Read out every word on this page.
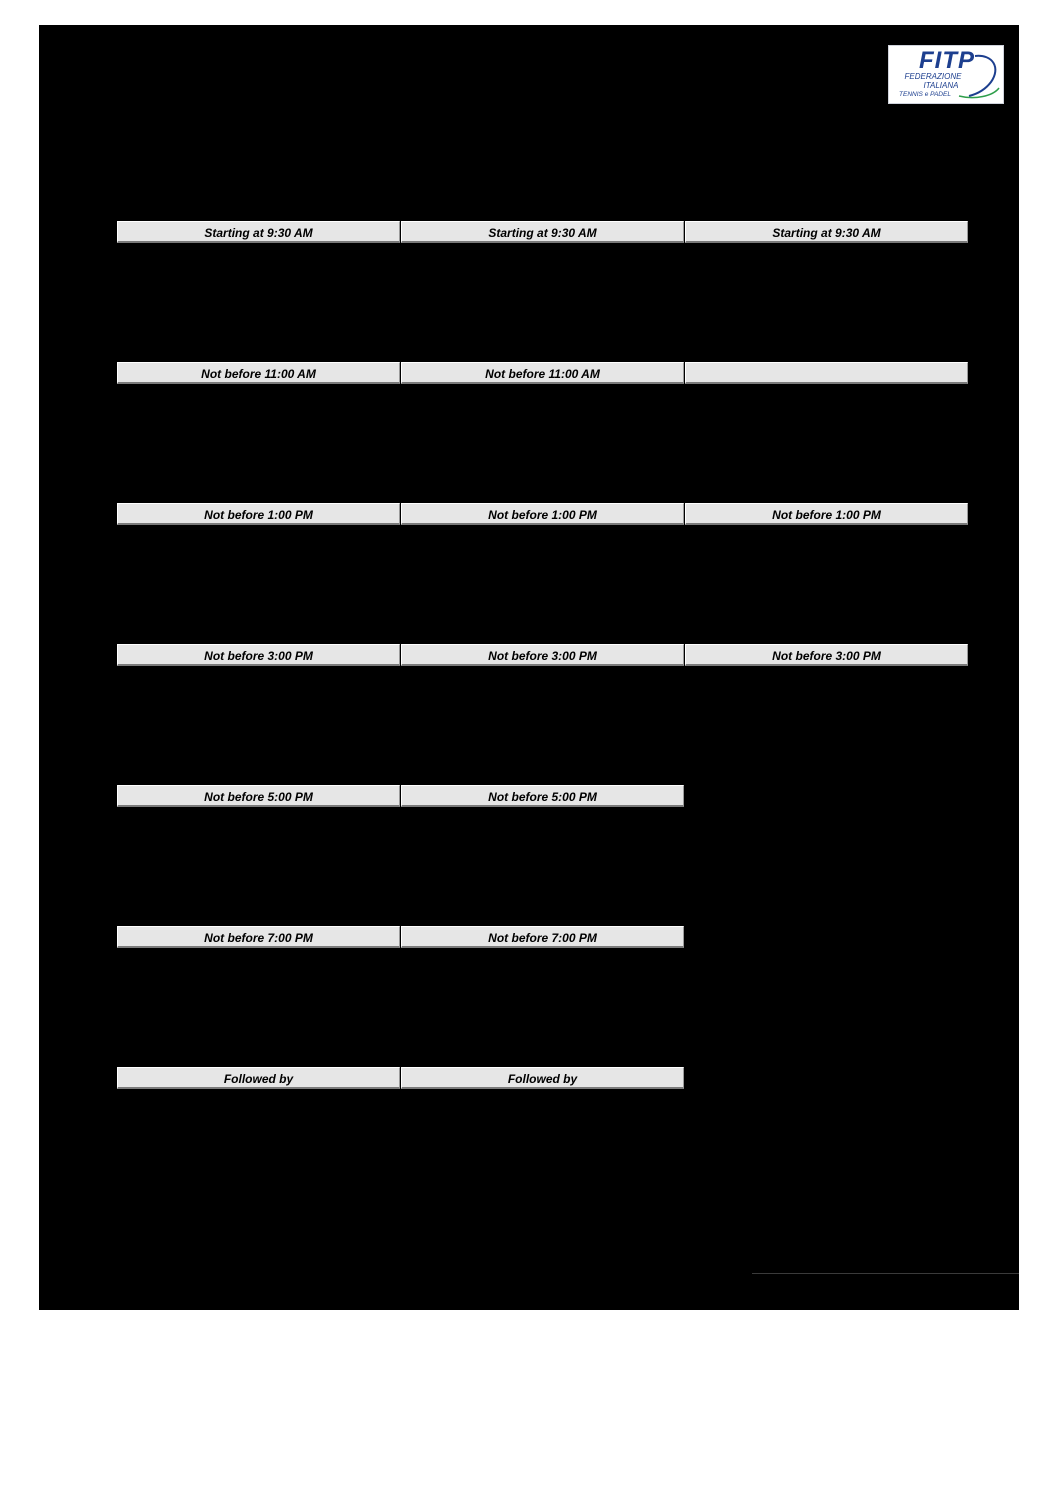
FITP
FEDERAZIONE
ITALIANA
TENNIS e PADEL
Starting at 9:30 AM	Starting at 9:30 AM	Starting at 9:30 AM
Not before 11:00 AM	Not before 11:00 AM
Not before 1:00 PM	Not before 1:00 PM	Not before 1:00 PM
Not before 3:00 PM	Not before 3:00 PM	Not before 3:00 PM
Not before 5:00 PM	Not before 5:00 PM
Not before 7:00 PM	Not before 7:00 PM
Followed by	Followed by
